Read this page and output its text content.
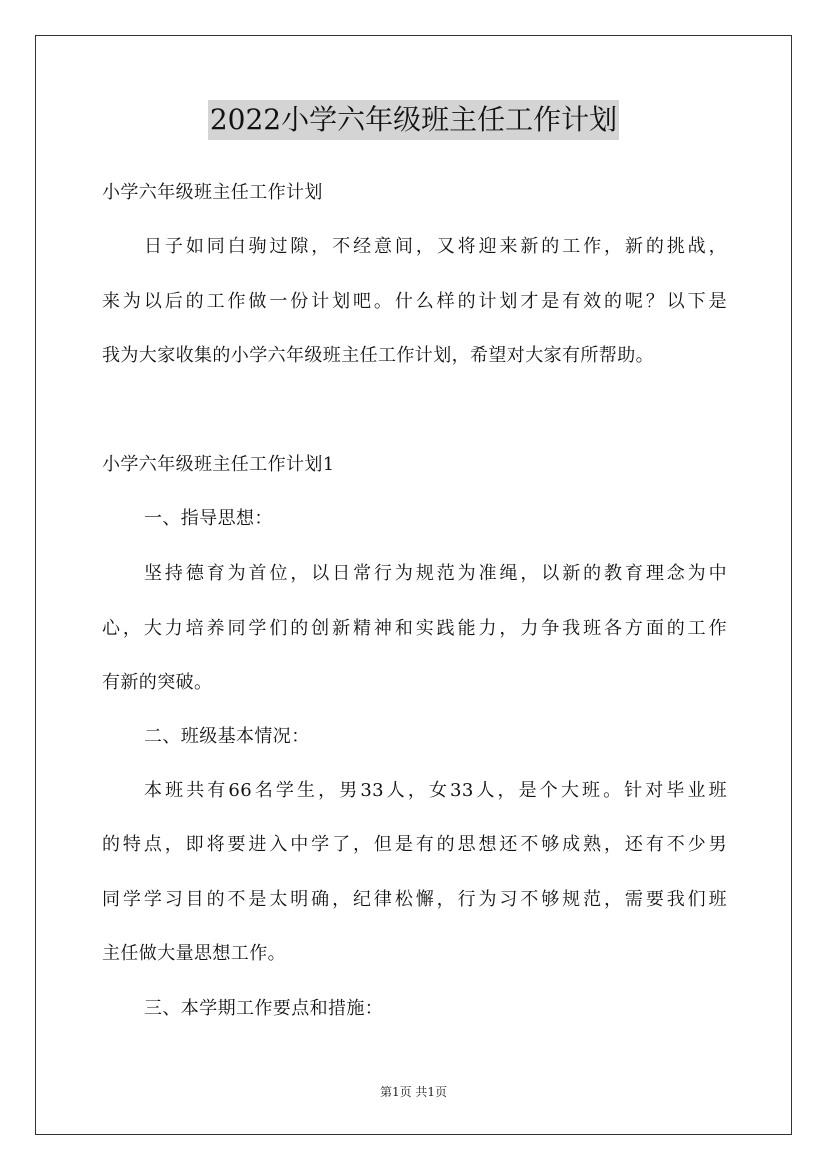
2022小学六年级班主任工作计划
小学六年级班主任工作计划
日子如同白驹过隙，不经意间，又将迎来新的工作，新的挑战，
来为以后的工作做一份计划吧。什么样的计划才是有效的呢？以下是
我为大家收集的小学六年级班主任工作计划，希望对大家有所帮助。
小学六年级班主任工作计划1
一、指导思想：
坚持德育为首位，以日常行为规范为准绳，以新的教育理念为中
心，大力培养同学们的创新精神和实践能力，力争我班各方面的工作
有新的突破。
二、班级基本情况：
本班共有66名学生，男33人，女33人，是个大班。针对毕业班
的特点，即将要进入中学了，但是有的思想还不够成熟，还有不少男
同学学习目的不是太明确，纪律松懈，行为习不够规范，需要我们班
主任做大量思想工作。
三、本学期工作要点和措施：
第1页 共1页
